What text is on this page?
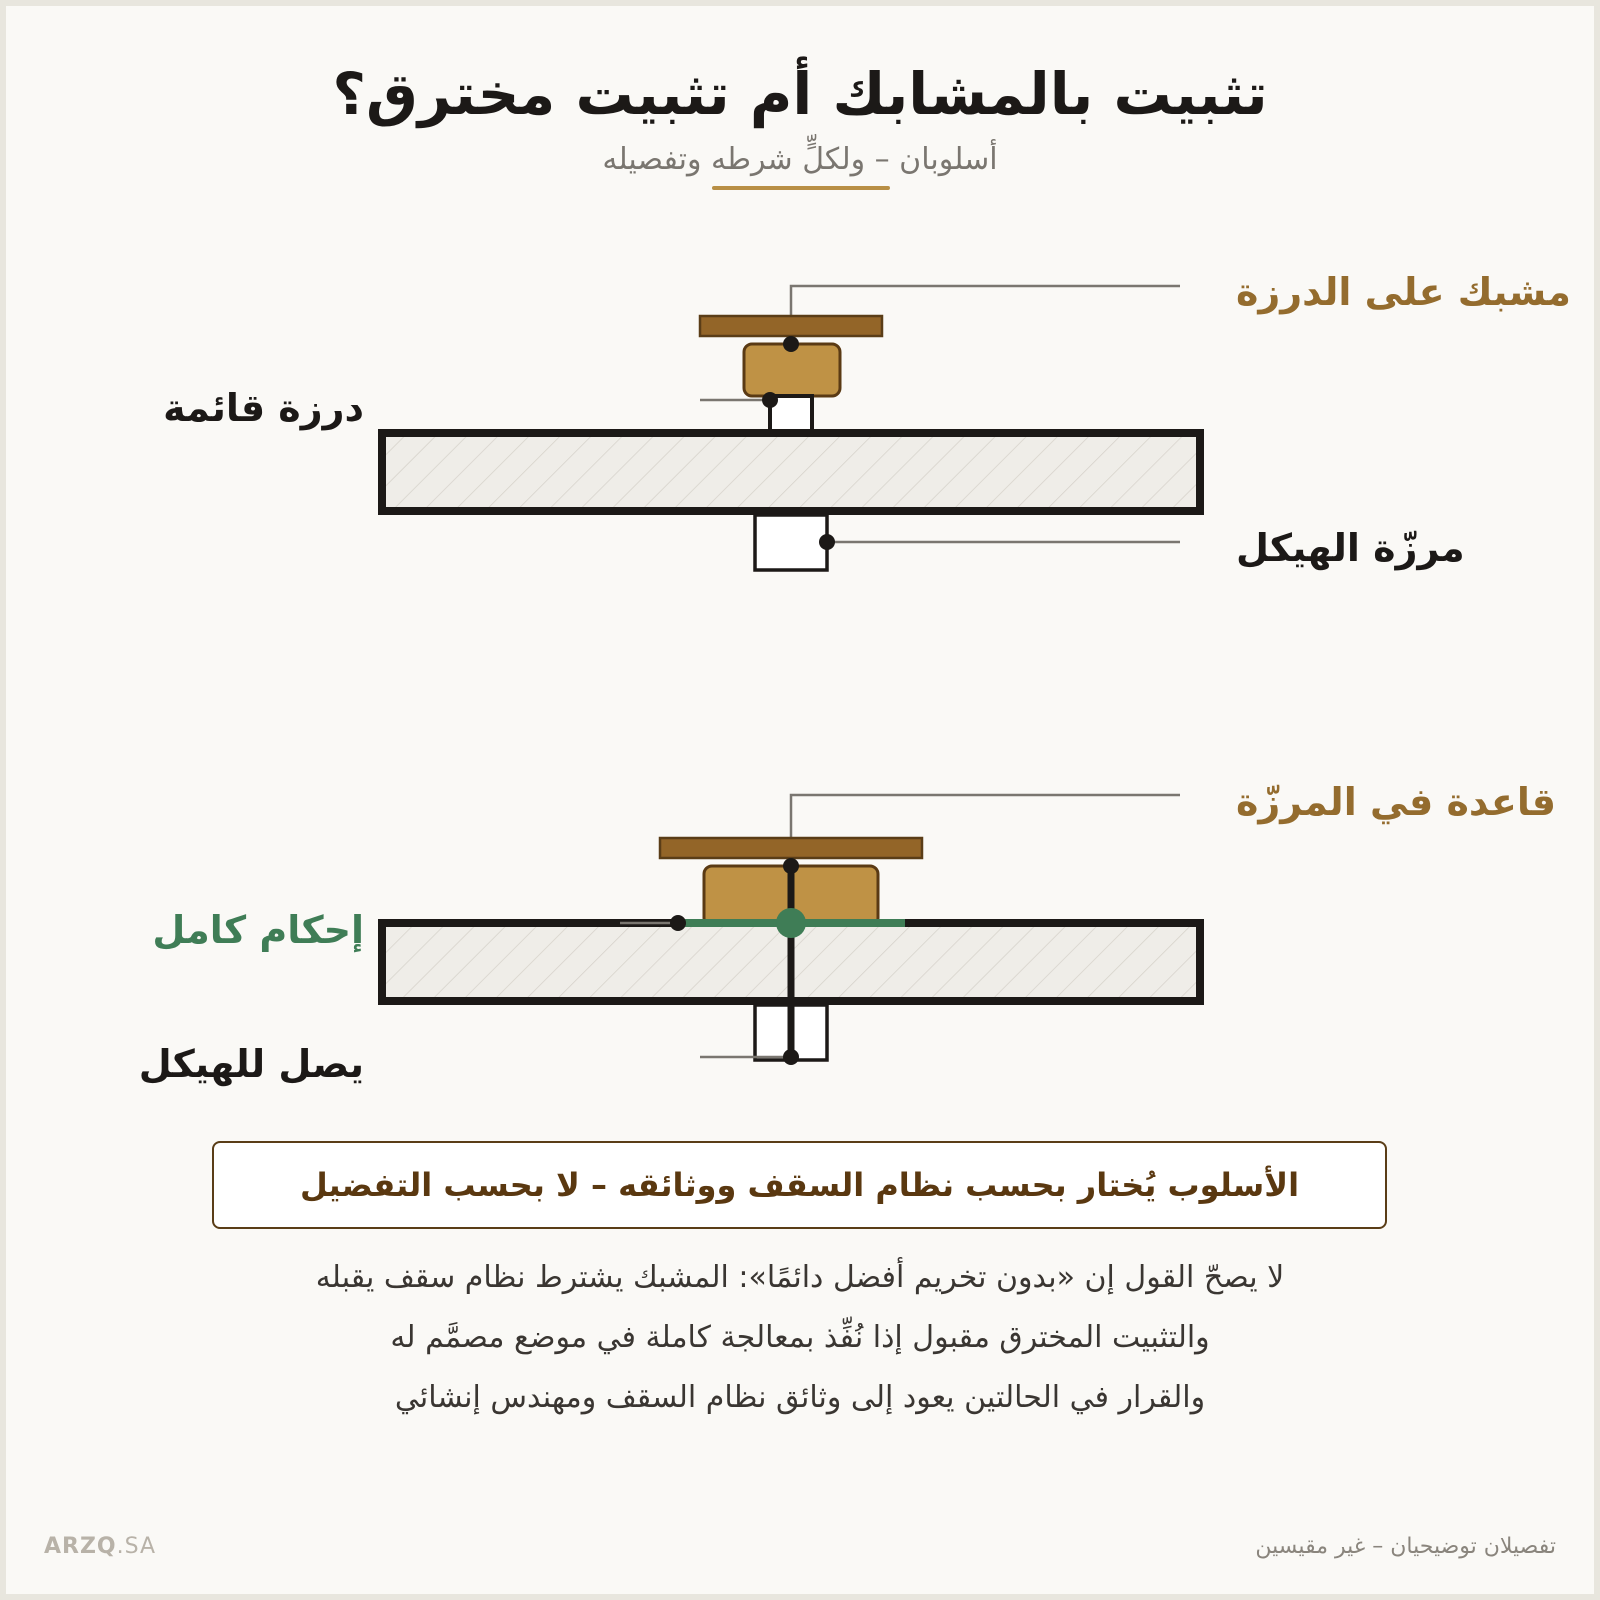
تثبيت بالمشابك أم تثبيت مخترق؟
أسلوبان – ولكلٍّ شرطه وتفصيله
مشبك على الدرزة
درزة قائمة
مرزّة الهيكل
قاعدة في المرزّة
إحكام كامل
يصل للهيكل
الأسلوب يُختار بحسب نظام السقف ووثائقه – لا بحسب التفضيل
لا يصحّ القول إن «بدون تخريم أفضل دائمًا»: المشبك يشترط نظام سقف يقبله
والتثبيت المخترق مقبول إذا نُفِّذ بمعالجة كاملة في موضع مصمَّم له
والقرار في الحالتين يعود إلى وثائق نظام السقف ومهندس إنشائي
ARZQ.SA	تفصيلان توضيحيان – غير مقيسين
